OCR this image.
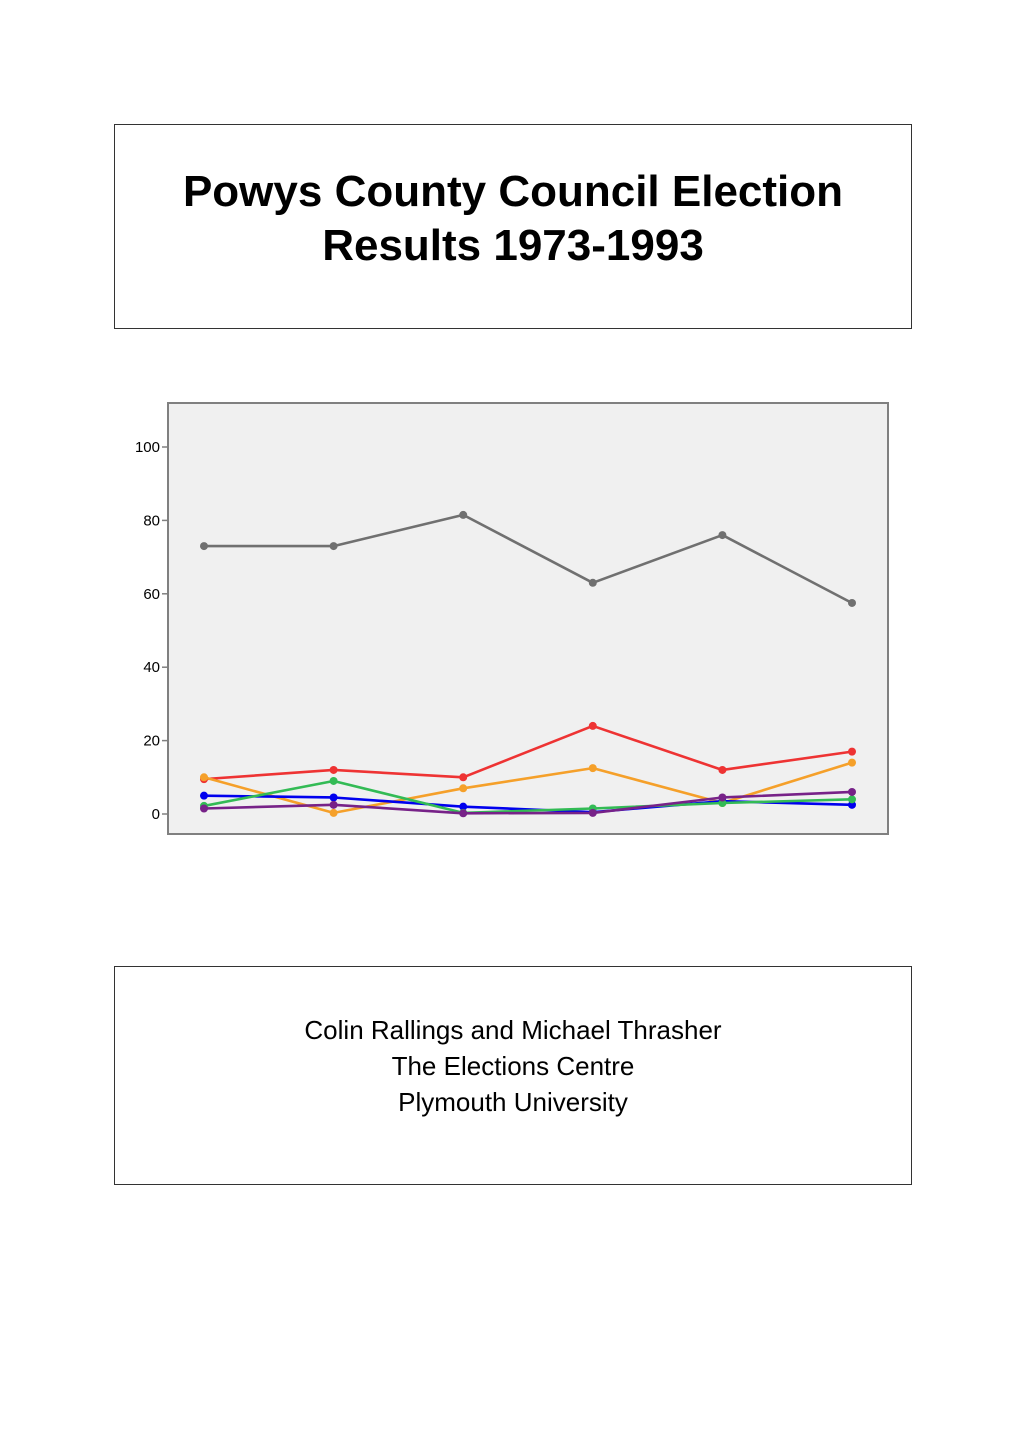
Powys County Council Election
Results 1973-1993
0
20
40
60
80
100
Colin Rallings and Michael Thrasher
The Elections Centre
Plymouth University
